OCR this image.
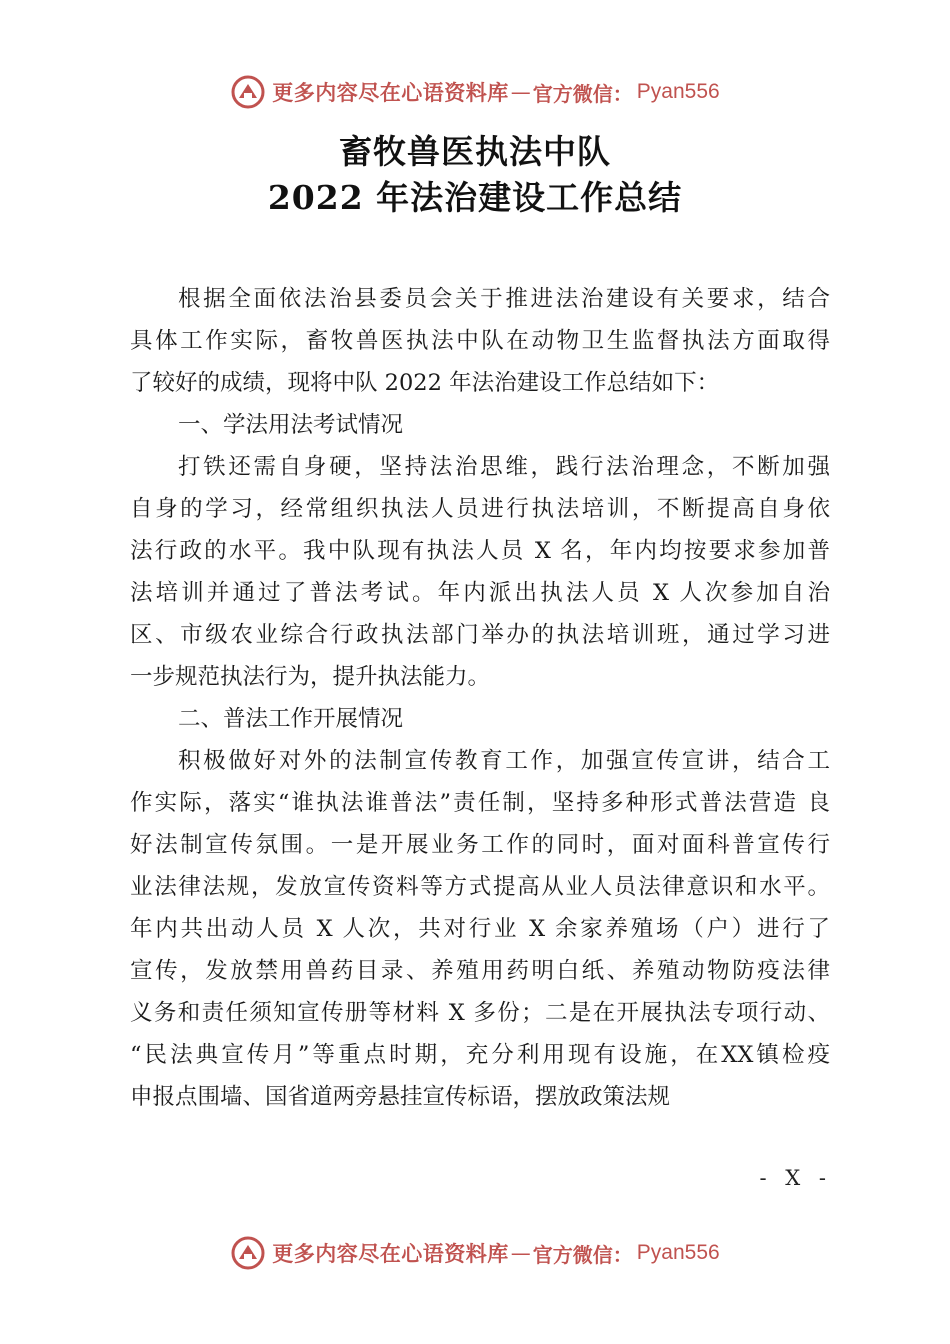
更多内容尽在心语资料库 — 官方微信： Pyan556
畜牧兽医执法中队
2022 年法治建设工作总结
根据全面依法治县委员会关于推进法治建设有关要求，结合
具体工作实际，畜牧兽医执法中队在动物卫生监督执法方面取得
了较好的成绩，现将中队 2022 年法治建设工作总结如下：
一、学法用法考试情况
打铁还需自身硬，坚持法治思维，践行法治理念，不断加强
自身的学习，经常组织执法人员进行执法培训，不断提高自身依
法行政的水平。我中队现有执法人员 X 名，年内均按要求参加普
法培训并通过了普法考试。年内派出执法人员 X 人次参加自治
区、市级农业综合行政执法部门举办的执法培训班，通过学习进
一步规范执法行为，提升执法能力。
二、普法工作开展情况
积极做好对外的法制宣传教育工作，加强宣传宣讲，结合工
作实际，落实“谁执法谁普法”责任制，坚持多种形式普法营造 良
好法制宣传氛围。一是开展业务工作的同时，面对面科普宣传行
业法律法规，发放宣传资料等方式提高从业人员法律意识和水平。
年内共出动人员 X 人次，共对行业 X 余家养殖场（户）进行了
宣传，发放禁用兽药目录、养殖用药明白纸、养殖动物防疫法律
义务和责任须知宣传册等材料 X 多份；二是在开展执法专项行动、
“民法典宣传月”等重点时期，充分利用现有设施，在XX镇检疫
申报点围墙、国省道两旁悬挂宣传标语，摆放政策法规
- X -
更多内容尽在心语资料库 — 官方微信： Pyan556
